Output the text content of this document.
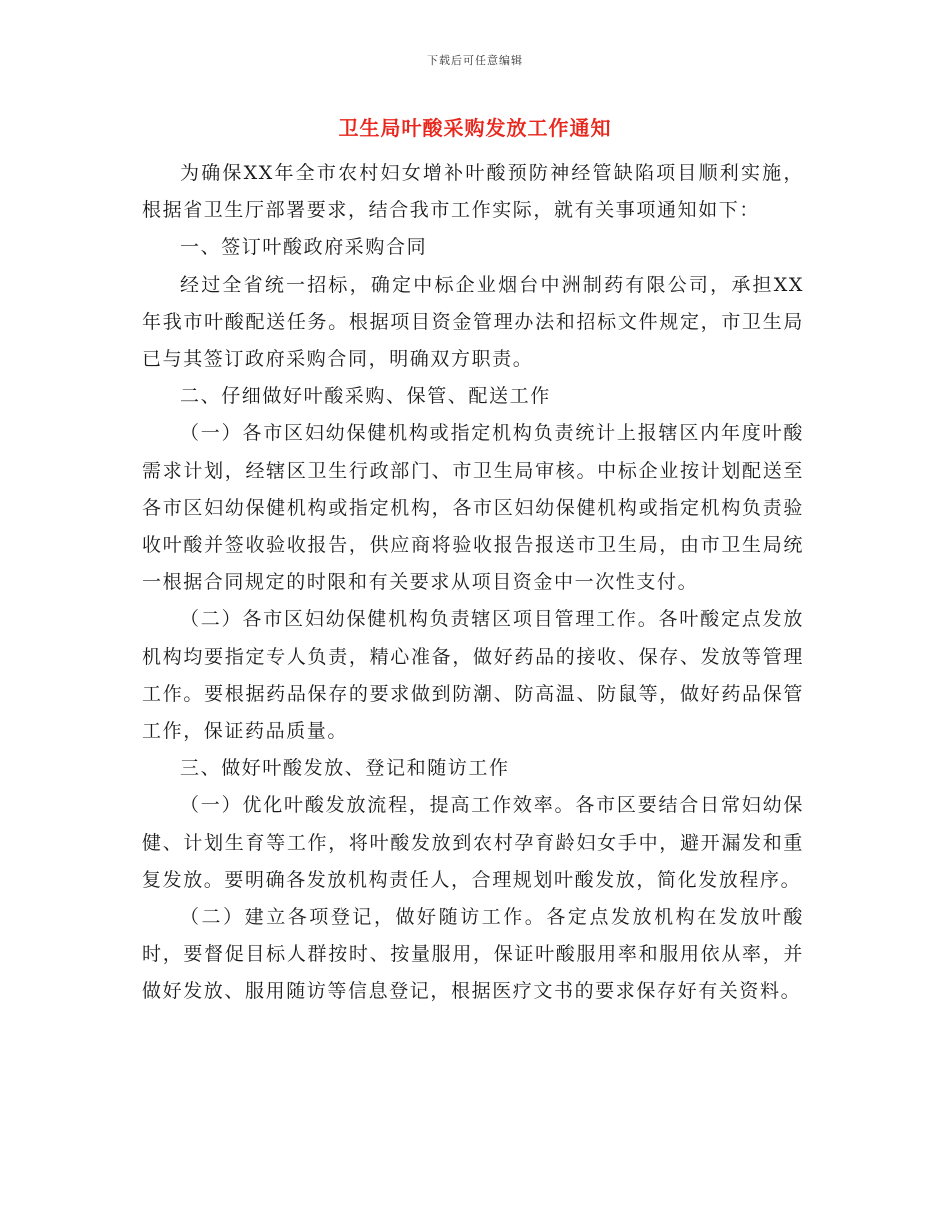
下载后可任意编辑
卫生局叶酸采购发放工作通知

为确保XX年全市农村妇女增补叶酸预防神经管缺陷项目顺利实施，根据省卫生厅部署要求，结合我市工作实际，就有关事项通知如下：

一、签订叶酸政府采购合同

经过全省统一招标，确定中标企业烟台中洲制药有限公司，承担XX年我市叶酸配送任务。根据项目资金管理办法和招标文件规定，市卫生局已与其签订政府采购合同，明确双方职责。

二、仔细做好叶酸采购、保管、配送工作

（一）各市区妇幼保健机构或指定机构负责统计上报辖区内年度叶酸需求计划，经辖区卫生行政部门、市卫生局审核。中标企业按计划配送至各市区妇幼保健机构或指定机构，各市区妇幼保健机构或指定机构负责验收叶酸并签收验收报告，供应商将验收报告报送市卫生局，由市卫生局统一根据合同规定的时限和有关要求从项目资金中一次性支付。

（二）各市区妇幼保健机构负责辖区项目管理工作。各叶酸定点发放机构均要指定专人负责，精心准备，做好药品的接收、保存、发放等管理工作。要根据药品保存的要求做到防潮、防高温、防鼠等，做好药品保管工作，保证药品质量。

三、做好叶酸发放、登记和随访工作

（一）优化叶酸发放流程，提高工作效率。各市区要结合日常妇幼保健、计划生育等工作，将叶酸发放到农村孕育龄妇女手中，避开漏发和重复发放。要明确各发放机构责任人，合理规划叶酸发放，简化发放程序。

（二）建立各项登记，做好随访工作。各定点发放机构在发放叶酸时，要督促目标人群按时、按量服用，保证叶酸服用率和服用依从率，并做好发放、服用随访等信息登记，根据医疗文书的要求保存好有关资料。
